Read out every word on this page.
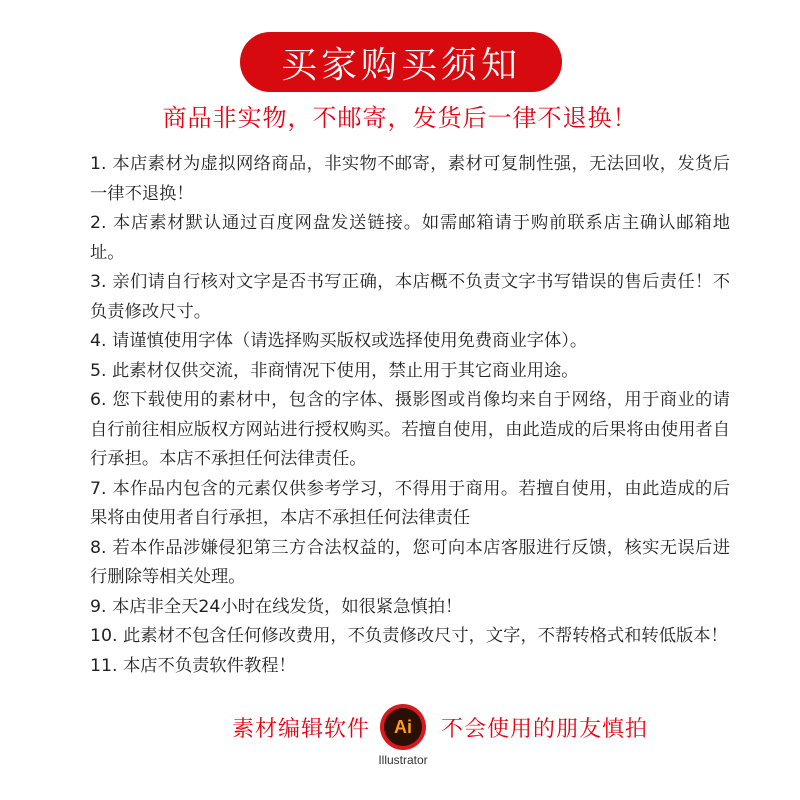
买家购买须知
商品非实物，不邮寄，发货后一律不退换！
1. 本店素材为虚拟网络商品，非实物不邮寄，素材可复制性强，无法回收，发货后一律不退换！
2. 本店素材默认通过百度网盘发送链接。如需邮箱请于购前联系店主确认邮箱地址。
3. 亲们请自行核对文字是否书写正确，本店概不负责文字书写错误的售后责任！不负责修改尺寸。
4. 请谨慎使用字体（请选择购买版权或选择使用免费商业字体）。
5. 此素材仅供交流，非商情况下使用，禁止用于其它商业用途。
6. 您下载使用的素材中，包含的字体、摄影图或肖像均来自于网络，用于商业的请自行前往相应版权方网站进行授权购买。若擅自使用，由此造成的后果将由使用者自行承担。本店不承担任何法律责任。
7. 本作品内包含的元素仅供参考学习，不得用于商用。若擅自使用，由此造成的后果将由使用者自行承担，本店不承担任何法律责任
8. 若本作品涉嫌侵犯第三方合法权益的，您可向本店客服进行反馈，核实无误后进行删除等相关处理。
9. 本店非全天24小时在线发货，如很紧急慎拍！
10. 此素材不包含任何修改费用，不负责修改尺寸，文字，不帮转格式和转低版本！
11. 本店不负责软件教程！
素材编辑软件	Ai
Illustrator
不会使用的朋友慎拍
